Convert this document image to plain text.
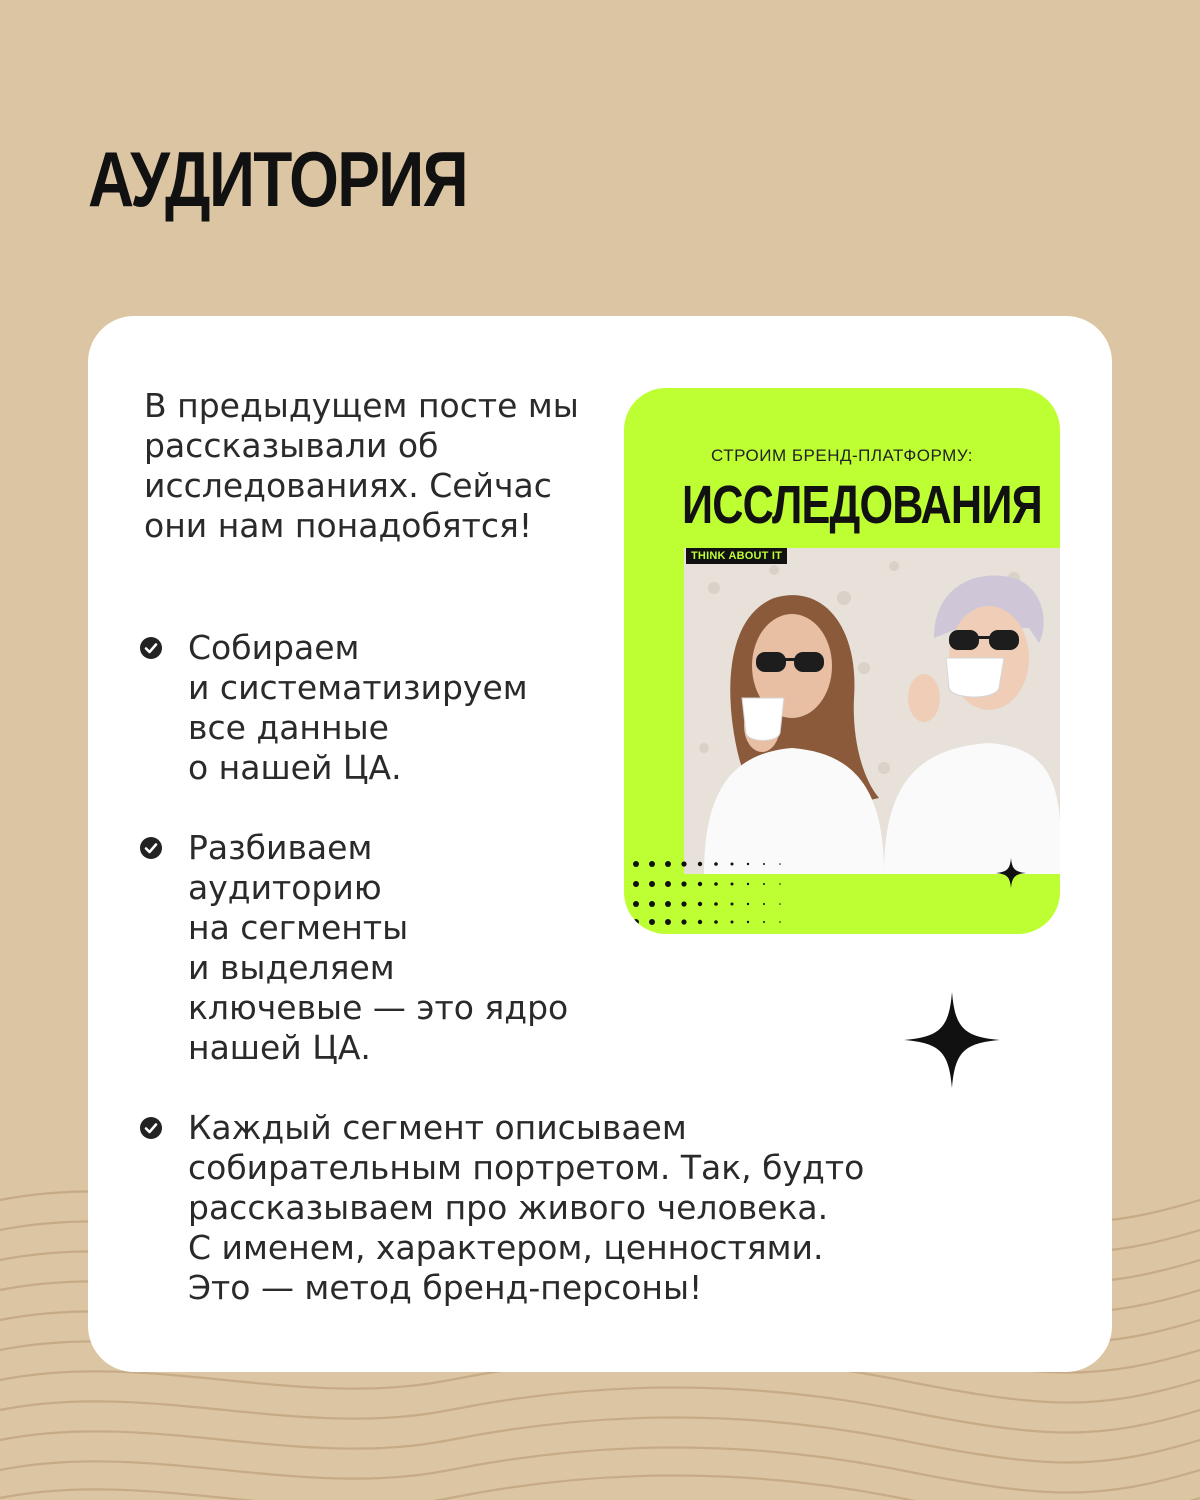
АУДИТОРИЯ

В предыдущем посте мы рассказывали об исследованиях. Сейчас они нам понадобятся!

Собираем
и систематизируем
все данные
о нашей ЦА.
Разбиваем
аудиторию
на сегменты
и выделяем
ключевые — это ядро
нашей ЦА.
Каждый сегмент описываем
собирательным портретом. Так, будто
рассказываем про живого человека.
С именем, характером, ценностями.
Это — метод бренд-персоны!
СТРОИМ БРЕНД-ПЛАТФОРМУ:
ИССЛЕДОВАНИЯ
THINK ABOUT IT
